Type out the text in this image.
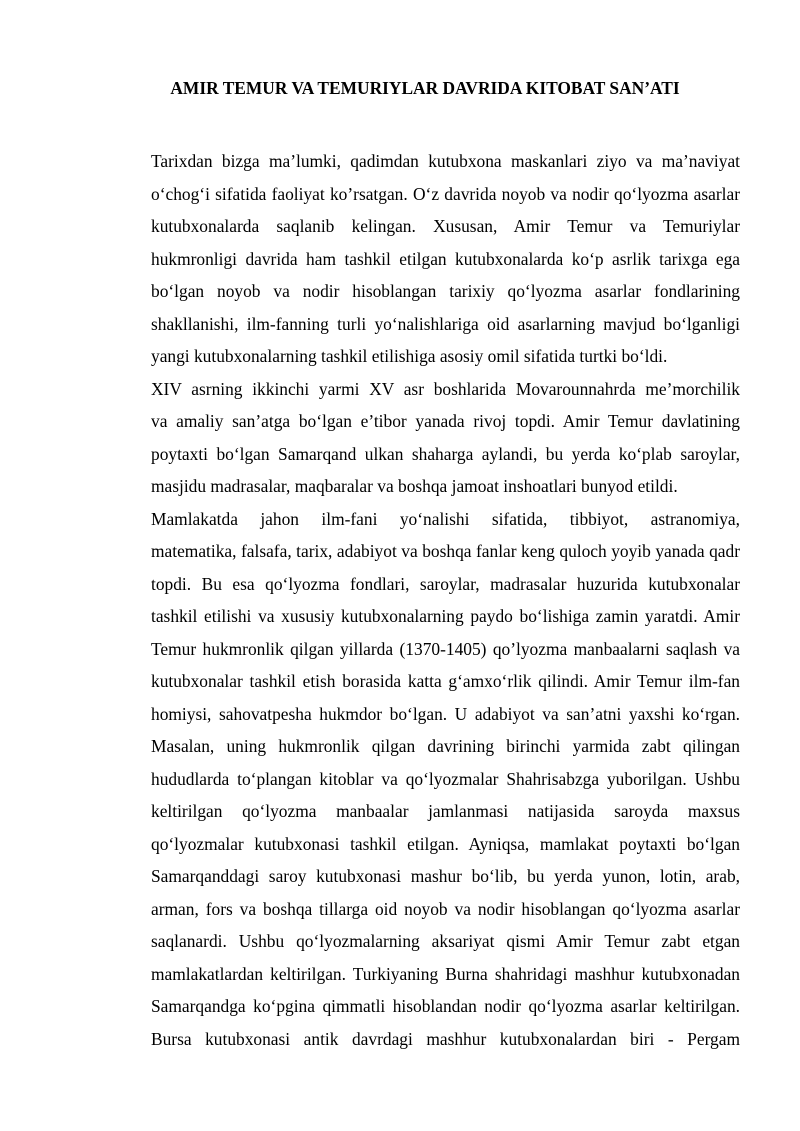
AMIR TEMUR VA TEMURIYLAR DAVRIDA KITOBAT SAN’ATI

Tarixdan bizga ma’lumki, qadimdan kutubxona maskanlari ziyo va ma’naviyat
o‘chog‘i sifatida faoliyat ko’rsatgan. O‘z davrida noyob va nodir qo‘lyozma asarlar
kutubxonalarda saqlanib kelingan. Xususan, Amir Temur va Temuriylar
hukmronligi davrida ham tashkil etilgan kutubxonalarda ko‘p asrlik tarixga ega
bo‘lgan noyob va nodir hisoblangan tarixiy qo‘lyozma asarlar fondlarining
shakllanishi, ilm-fanning turli yo‘nalishlariga oid asarlarning mavjud bo‘lganligi
yangi kutubxonalarning tashkil etilishiga asosiy omil sifatida turtki bo‘ldi.

XIV asrning ikkinchi yarmi XV asr boshlarida Movarounnahrda me’morchilik
va amaliy san’atga bo‘lgan e’tibor yanada rivoj topdi. Amir Temur davlatining
poytaxti bo‘lgan Samarqand ulkan shaharga aylandi, bu yerda ko‘plab saroylar,
masjidu madrasalar, maqbaralar va boshqa jamoat inshoatlari bunyod etildi.

Mamlakatda jahon ilm-fani yo‘nalishi sifatida, tibbiyot, astranomiya,
matematika, falsafa, tarix, adabiyot va boshqa fanlar keng quloch yoyib yanada qadr
topdi. Bu esa qo‘lyozma fondlari, saroylar, madrasalar huzurida kutubxonalar
tashkil etilishi va xususiy kutubxonalarning paydo bo‘lishiga zamin yaratdi. Amir
Temur hukmronlik qilgan yillarda (1370-1405) qo’lyozma manbaalarni saqlash va
kutubxonalar tashkil etish borasida katta g‘amxo‘rlik qilindi. Amir Temur ilm-fan
homiysi, sahovatpesha hukmdor bo‘lgan. U adabiyot va san’atni yaxshi ko‘rgan.
Masalan, uning hukmronlik qilgan davrining birinchi yarmida zabt qilingan
hududlarda to‘plangan kitoblar va qo‘lyozmalar Shahrisabzga yuborilgan. Ushbu
keltirilgan qo‘lyozma manbaalar jamlanmasi natijasida saroyda maxsus
qo‘lyozmalar kutubxonasi tashkil etilgan. Ayniqsa, mamlakat poytaxti bo‘lgan
Samarqanddagi saroy kutubxonasi mashur bo‘lib, bu yerda yunon, lotin, arab,
arman, fors va boshqa tillarga oid noyob va nodir hisoblangan qo‘lyozma asarlar
saqlanardi. Ushbu qo‘lyozmalarning aksariyat qismi Amir Temur zabt etgan
mamlakatlardan keltirilgan. Turkiyaning Burna shahridagi mashhur kutubxonadan
Samarqandga ko‘pgina qimmatli hisoblandan nodir qo‘lyozma asarlar keltirilgan.
Bursa kutubxonasi antik davrdagi mashhur kutubxonalardan biri - Pergam
